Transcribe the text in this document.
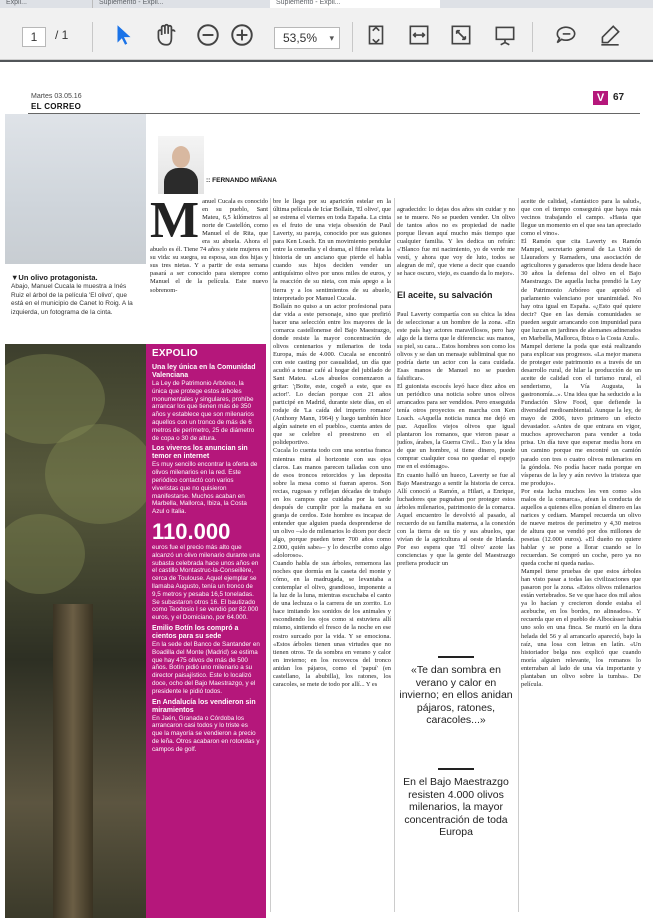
Expli...	Suplemento - Expli...	Suplemento - Expli...
1	/ 1	53,5% ▾
Martes 03.05.16
EL CORREO
V 67
▼Un olivo protagonista.
Abajo, Manuel Cucala le muestra a Inés Ruiz el árbol de la película 'El olivo', que está en el municipio de Canet lo Roig. A la izquierda, un fotograma de la cinta.
EXPOLIO
Una ley única en la Comunidad Valenciana
La Ley de Patrimonio Arbóreo, la única que protege estos árboles monumentales y singulares, prohíbe arrancar los que tienen más de 350 años y establece que son milenarios aquellos con un tronco de más de 6 metros de perímetro, 25 de diámetro de copa o 30 de altura.
Los viveros los anuncian sin temor en internet
Es muy sencillo encontrar la oferta de olivos milenarios en la red. Este periódico contactó con varios viveristas que no quisieron manifestarse. Muchos acaban en Marbella, Mallorca, Ibiza, la Costa Azul o Italia.
110.000
euros fue el precio más alto que alcanzó un olivo milenario durante una subasta celebrada hace unos años en el castillo Montastruc-la-Conseillère, cerca de Toulouse. Aquel ejemplar se llamaba Augusto, tenía un tronco de 9,5 metros y pesaba 16,5 toneladas. Se subastaron otros 16. El bautizado como Teodosio I se vendió por 82.000 euros, y el Domiciano, por 64.000.
Emilio Botín los compró a cientos para su sede
En la sede del Banco de Santander en Boadilla del Monte (Madrid) se estima que hay 475 olivos de más de 500 años. Botín pidió uno milenario a su director paisajístico. Este lo localizó doce, ocho del Bajo Maestrazgo, y el presidente le pidió todos.
En Andalucía los vendieron sin miramientos
En Jaén, Granada o Córdoba los arrancaron casi todos y lo triste es que la mayoría se vendieron a precio de leña. Otros acabaron en rotondas y campos de golf.
:: FERNANDO MIÑANA
M anuel Cucala es conocido en su pueblo, Sant Mateu, 6,5 kilómetros al norte de Castellón, como Manuel el de Rita, que era su abuela. Ahora el abuelo es él. Tiene 74 años y siete mujeres en su vida: su suegra, su esposa, sus dos hijas y sus tres nietas. Y a partir de esta semana pasará a ser conocido para siempre como Manuel el de la película. Este nuevo sobrenom-
bre le llega por su aparición estelar en la última película de Icíar Bollaín, 'El olivo', que se estrena el viernes en toda España. La cinta es el fruto de una vieja obsesión de Paul Laverty, su pareja, conocido por sus guiones para Ken Loach. En un movimiento pendular entre la comedia y el drama, el filme relata la historia de un anciano que pierde el habla cuando sus hijos deciden vender un antiquísimo olivo por unos miles de euros, y la reacción de su nieta, con más apego a la tierra y a los sentimientos de su abuelo, interpretado por Manuel Cucala.
Bollaín no quiso a un actor profesional para dar vida a este personaje, sino que prefirió hacer una selección entre los mayores de la comarca castellonense del Bajo Maestrazgo, donde resiste la mayor concentración de olivos centenarios y milenarios de toda Europa, más de 4.000. Cucala se encontró con este casting por casualidad, un día que acudió a tomar café al hogar del jubilado de Sant Mateu. «Los abuelos comenzaron a gritar: '¡Boite, este, cogeð a este, que es actor!'. Lo decían porque con 21 años participé en Madrid, durante siete días, en el rodaje de 'La caída del imperio romano' (Anthony Mann, 1964) y luego también hice algún sainete en el pueblo», cuenta antes de que se celebre el preestreno en el polideportivo.
Cucala lo cuenta todo con una sonrisa franca mientras mira al horizonte con sus ojos claros. Las manos parecen talladas con uno de esos troncos retorcidos y las deposita sobre la mesa como si fueran aperos. Son recias, rugosas y reflejan décadas de trabajo en los campos que cuidaba por la tarde después de cumplir por la mañana en su granja de cerdos. Este hombre es incapaz de entender que alguien pueda desprenderse de un olivo –«lo de milenarios lo dicen por decir algo, porque pueden tener 700 años como 2.000, quién sabe»– y lo describe como algo «doloroso».
Cuando habla de sus árboles, rememora las noches que dormía en la caseta del monte y cómo, en la madrugada, se levantaba a contemplar el olivo, grandioso, imponente a la luz de la luna, mientras escuchaba el canto de una lechuza o la carrera de un zorrito. Lo hace imitando los sonidos de los animales y escondiendo los ojos como si estuviera allí mismo, sintiendo el fresco de la noche en ese rostro surcado por la vida. Y se emociona. «Estos árboles tienen unas virtudes que no tienen otros. Te da sombra en verano y calor en invierno; en los recovecos del tronco anidan los pájaros, como el 'papuí' (en castellano, la abubilla), los ratones, los caracoles, se mete de todo por allí... Y es

agradecido: lo dejas dos años sin cuidar y no se te muere. No se pueden vender. Un olivo de tantos años no es propiedad de nadie porque llevan aquí mucho más tiempo que cualquier familia. Y les dedica un refrán: «'Blanco fue mi nacimiento, yo de verde me vestí, y ahora que voy de luto, todos se alegran de mí', que viene a decir que cuando se hace oscuro, viejo, es cuando da lo mejor».

El aceite, su salvación

Paul Laverty compartía con su chica la idea de seleccionar a un hombre de la zona. «En este país hay actores maravillosos, pero hay algo de la tierra que le diferencia: sus manos, su piel, su cara... Estos hombres son como los olivos y se dan un mensaje subliminal que no podría darte un actor con la cara cuidada. Esas manos de Manuel no se pueden falsificar».
El guionista escocés leyó hace diez años en un periódico una noticia sobre unos olivos arrancados para ser vendidos. Pero enseguida tenía otros proyectos en marcha con Ken Loach. «Aquella noticia nunca me dejó en paz. Aquellos viejos olivos que igual plantaron los romanos, que vieron pasar a judíos, árabes, la Guerra Civil... Eso y la idea de que un hombre, si tiene dinero, puede comprar cualquier cosa no quedar el espejo me en el estómago».
En cuanto halló un hueco, Laverty se fue al Bajo Maestrazgo a sentir la historia de cerca. Allí conoció a Ramón, a Hilari, a Enrique, luchadores que pugnaban por proteger estos árboles milenarios, patrimonio de la comarca. Aquel encuentro le devolvió al pasado, al recuerdo de su familia materna, a la conexión con la tierra de su tío y sus abuelos, que vivían de la agricultura al oeste de Irlanda. Por eso espera que 'El olivo' azote las conciencias y que la gente del Maestrazgo prefiera producir un

«Te dan sombra en verano y calor en invierno; en ellos anidan pájaros, ratones, caracoles...»
En el Bajo Maestrazgo resisten 4.000 olivos milenarios, la mayor concentración de toda Europa
aceite de calidad, «fantástico para la salud», que con el tiempo conseguirá que haya más vecinos trabajando el campo. «Hasta que llegue un momento en el que sea tan apreciado como el vino».
El Ramón que cita Laverty es Ramón Mampel, secretario general de La Unió de Llauradors y Ramaders, una asociación de agricultores y ganaderos que lidera desde hace 30 años la defensa del olivo en el Bajo Maestrazgo. De aquella lucha prendió la Ley de Patrimonio Arbóreo que aprobó el parlamento valenciano por unanimidad. No hay otra igual en España. «¿Esto qué quiere decir? Que en las demás comunidades se pueden seguir arrancando con impunidad para que luzcan en jardines de alemanes adinerados en Marbella, Mallorca, Ibiza o la Costa Azul».
Mampel deriene la poda que está realizando para explicar sus progresos. «La mejor manera de proteger este patrimonio es a través de un desarrollo rural, de hilar la producción de un aceite de calidad con el turismo rural, el senderismo, la Vía Augusta, la gastronomía...». Una idea que ha seducido a la Fundación Slow Food, que defiende la diversidad medioambiental. Aunque la ley, de mayo de 2006, tuvo primero un efecto devastador. «Antes de que entrara en vigor, muchos aprovecharon para vender a toda prisa. Un día tuve que esperar media hora en un camino porque me encontré un camión parado con tres o cuatro olivos milenarios en la góndola. No podía hacer nada porque en vísperas de la ley y aún revivo la tristeza que me produjo».
Por esta lucha muchos les ven como «los malos de la comarca», afean la conducta de aquellos a quienes ellos ponían el dinero en las narices y cediam. Mampel recuerda un olivo de nueve metros de perímetro y 4,30 metros de altura que se vendió por dos millones de pesetas (12.000 euros). «El dueño no quiere hablar y se pone a llorar cuando se lo recuerdan. Se compró un coche, pero ya no queda coche ni queda nada».
Mampel tiene pruebas de que estos árboles han visto pasar a todas las civilizaciones que pasaron por la zona. «Estos olivos milenarios están vertebrados. Se ve que hace dos mil años ya lo hacían y crecieron donde estaba el acebuche, en los bordes, no alineados». Y recuerda que en el pueblo de Albocàsser había uno solo en una finca. Se murió en la dura helada del 56 y al arrancarlo apareció, bajo la raíz, una losa con letras en latín. «Un historiador belga nos explicó que cuando moría alguien relevante, los romanos lo enterraban al lado de una vía importante y plantaban un olivo sobre la tumba». De película.
